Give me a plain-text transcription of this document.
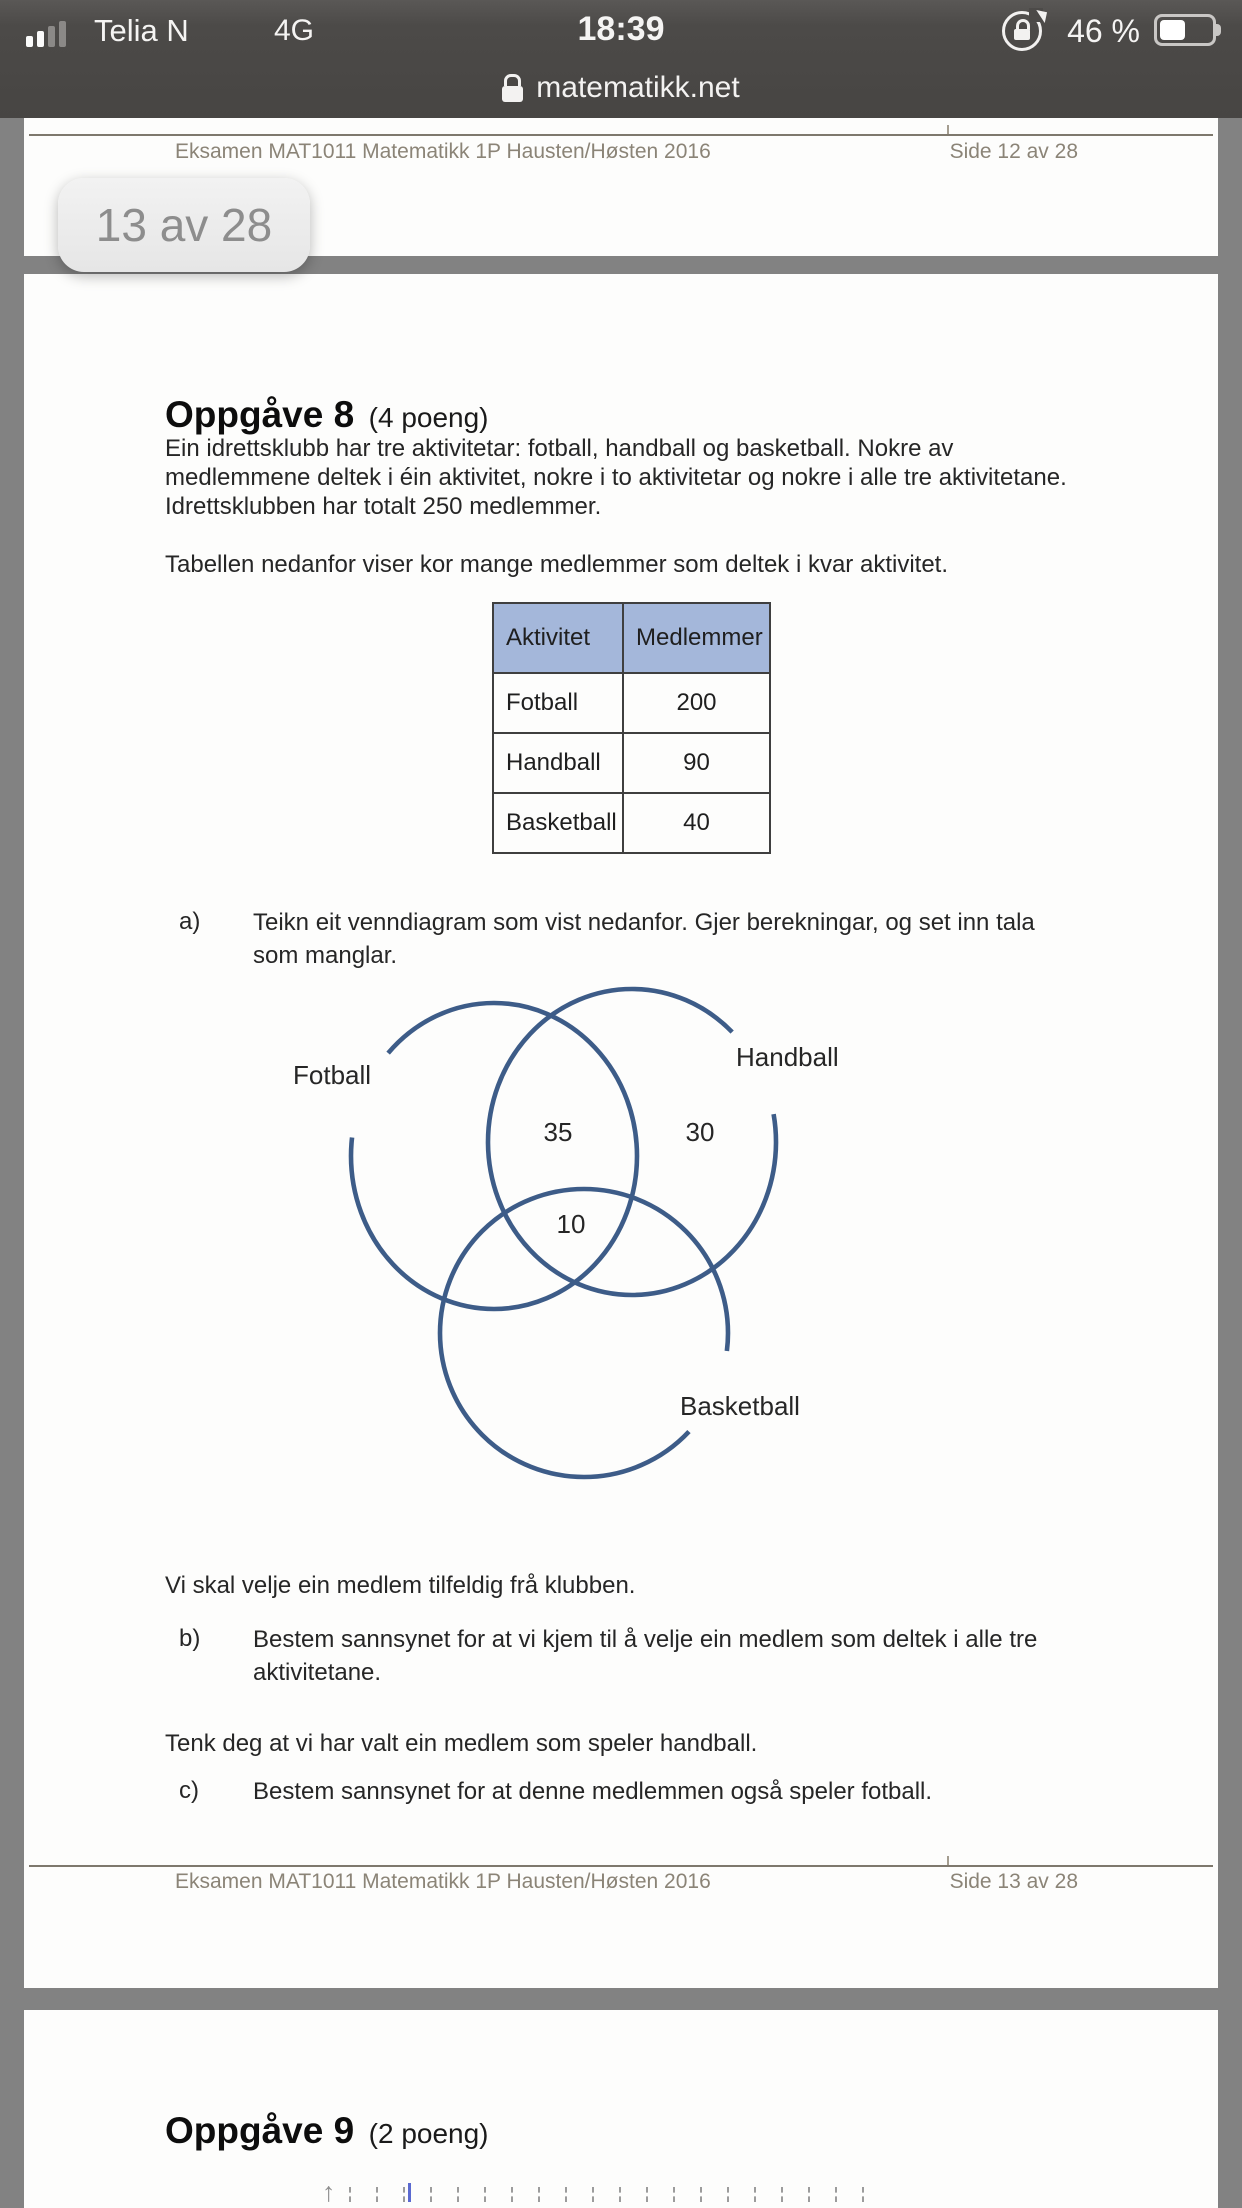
Telia N	4G	18:39	46 %
matematikk.net
Eksamen MAT1011 Matematikk 1P Hausten/Høsten 2016	Side 12 av 28
13 av 28
Oppgåve 8 (4 poeng)
Ein idrettsklubb har tre aktivitetar: fotball, handball og basketball. Nokre av medlemmene deltek i éin aktivitet, nokre i to aktivitetar og nokre i alle tre aktivitetane. Idrettsklubben har totalt 250 medlemmer.
Tabellen nedanfor viser kor mange medlemmer som deltek i kvar aktivitet.
Aktivitet	Medlemmer
Fotball	200
Handball	90
Basketball	40
a) Teikn eit venndiagram som vist nedanfor. Gjer berekningar, og set inn tala som manglar.
Fotball
Handball
Basketball
35	30
10
Vi skal velje ein medlem tilfeldig frå klubben.
b) Bestem sannsynet for at vi kjem til å velje ein medlem som deltek i alle tre aktivitetane.
Tenk deg at vi har valt ein medlem som speler handball.
c) Bestem sannsynet for at denne medlemmen også speler fotball.
Eksamen MAT1011 Matematikk 1P Hausten/Høsten 2016	Side 13 av 28
Oppgåve 9 (2 poeng)
↑
